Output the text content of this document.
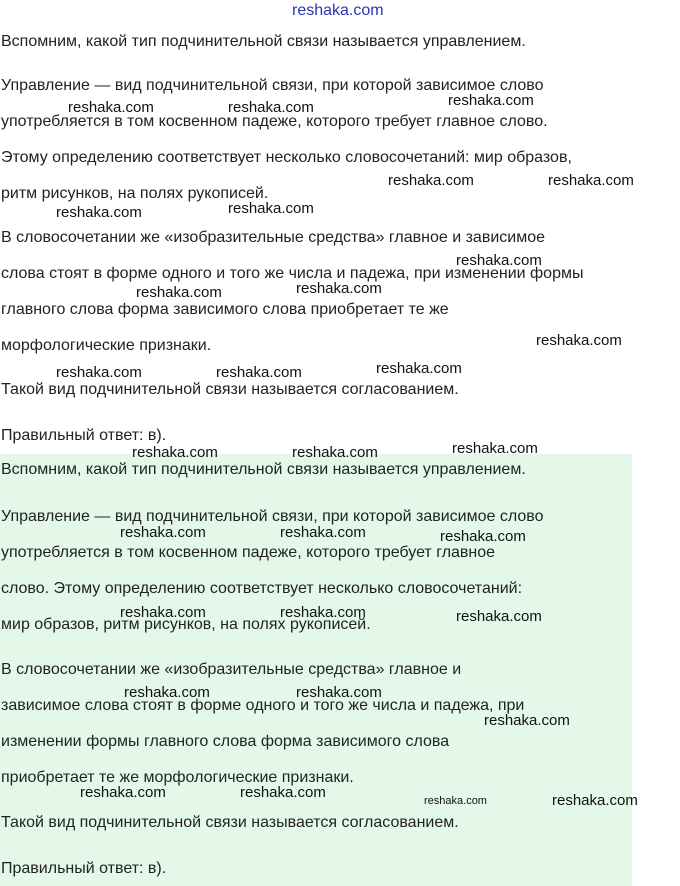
reshaka.com

Вспомним, какой тип подчинительной связи называется управлением.

Управление — вид подчинительной связи, при которой зависимое слово

употребляется в том косвенном падеже, которого требует главное слово.

Этому определению соответствует несколько словосочетаний: мир образов,

ритм рисунков, на полях рукописей.

В словосочетании же «изобразительные средства» главное и зависимое

слова стоят в форме одного и того же числа и падежа, при изменении формы

главного слова форма зависимого слова приобретает те же

морфологические признаки.

Такой вид подчинительной связи называется согласованием.

Правильный ответ: в).

Вспомним, какой тип подчинительной связи называется управлением.

Управление — вид подчинительной связи, при которой зависимое слово

употребляется в том косвенном падеже, которого требует главное

слово. Этому определению соответствует несколько словосочетаний:

мир образов, ритм рисунков, на полях рукописей.

В словосочетании же «изобразительные средства» главное и

зависимое слова стоят в форме одного и того же числа и падежа, при

изменении формы главного слова форма зависимого слова

приобретает те же морфологические признаки.

Такой вид подчинительной связи называется согласованием.

Правильный ответ: в).

reshaka.com	reshaka.com	reshaka.com
reshaka.com	reshaka.com
reshaka.com	reshaka.com
reshaka.com
reshaka.com	reshaka.com
reshaka.com
reshaka.com	reshaka.com	reshaka.com
reshaka.com
reshaka.com	reshaka.com
reshaka.com	reshaka.com	reshaka.com
reshaka.com	reshaka.com	reshaka.com
reshaka.com	reshaka.com
reshaka.com
reshaka.com	reshaka.com	reshaka.com	reshaka.com
